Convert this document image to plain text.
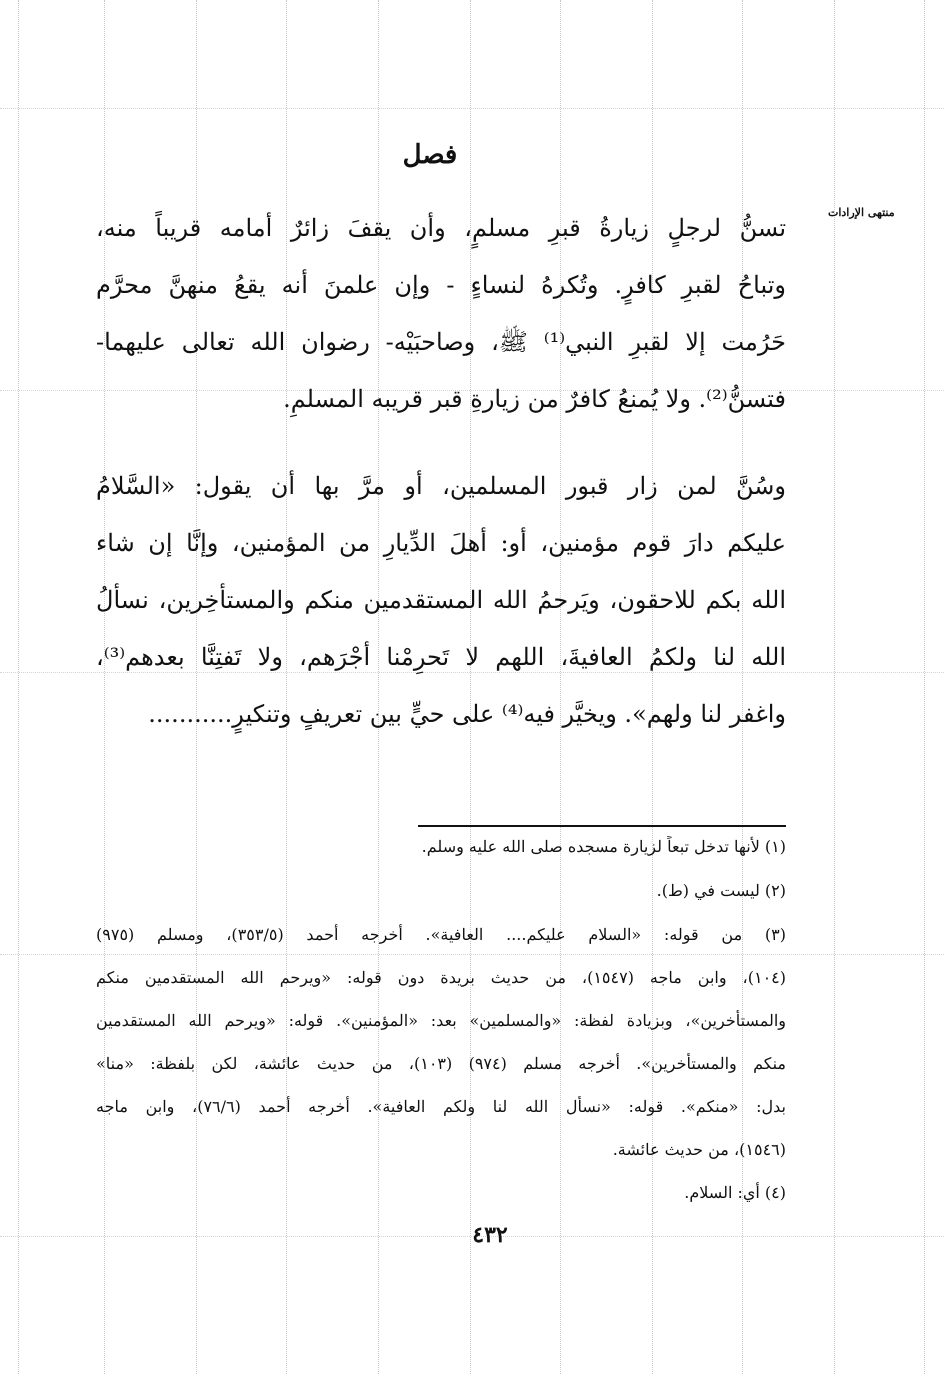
منتهى الإرادات
فصل
تسنُّ لرجلٍ زيارةُ قبرِ مسلمٍ، وأن يقفَ زائرٌ أمامه قريباً منه،
وتباحُ لقبرِ كافرٍ. وتُكرهُ لنساءٍ - وإن علمنَ أنه يقعُ منهنَّ محرَّم
حَرُمت إلا لقبرِ النبي⁽¹⁾ ﷺ، وصاحبَيْه- رضوان الله تعالى عليهما-
فتسنُّ⁽²⁾. ولا يُمنعُ كافرٌ من زيارةِ قبر قريبه المسلمِ.
وسُنَّ لمن زار قبور المسلمين، أو مرَّ بها أن يقول: «السَّلامُ
عليكم دارَ قوم مؤمنين، أو: أهلَ الدِّيارِ من المؤمنين، وإنَّا إن شاء
الله بكم للاحقون، ويَرحمُ الله المستقدمين منكم والمستأخِرين، نسألُ
الله لنا ولكمُ العافيةَ، اللهم لا تَحرِمْنا أجْرَهم، ولا تَفتِنَّا بعدهم⁽³⁾،
واغفر لنا ولهم». ويخيَّر فيه⁽⁴⁾ على حيٍّ بين تعريفٍ وتنكيرٍ...........
(١) لأنها تدخل تبعاً لزيارة مسجده صلى الله عليه وسلم.
(٢) ليست في (ط).
(٣) من قوله: «السلام عليكم.... العافية». أخرجه أحمد (٣٥٣/٥)، ومسلم (٩٧٥)
(١٠٤)، وابن ماجه (١٥٤٧)، من حديث بريدة دون قوله: «ويرحم الله المستقدمين منكم
والمستأخرين»، وبزيادة لفظة: «والمسلمين» بعد: «المؤمنين». قوله: «ويرحم الله المستقدمين
منكم والمستأخرين». أخرجه مسلم (٩٧٤) (١٠٣)، من حديث عائشة، لكن بلفظة: «منا»
بدل: «منكم». قوله: «نسأل الله لنا ولكم العافية». أخرجه أحمد (٧٦/٦)، وابن ماجه
(١٥٤٦)، من حديث عائشة.
(٤) أي: السلام.
٤٣٢
